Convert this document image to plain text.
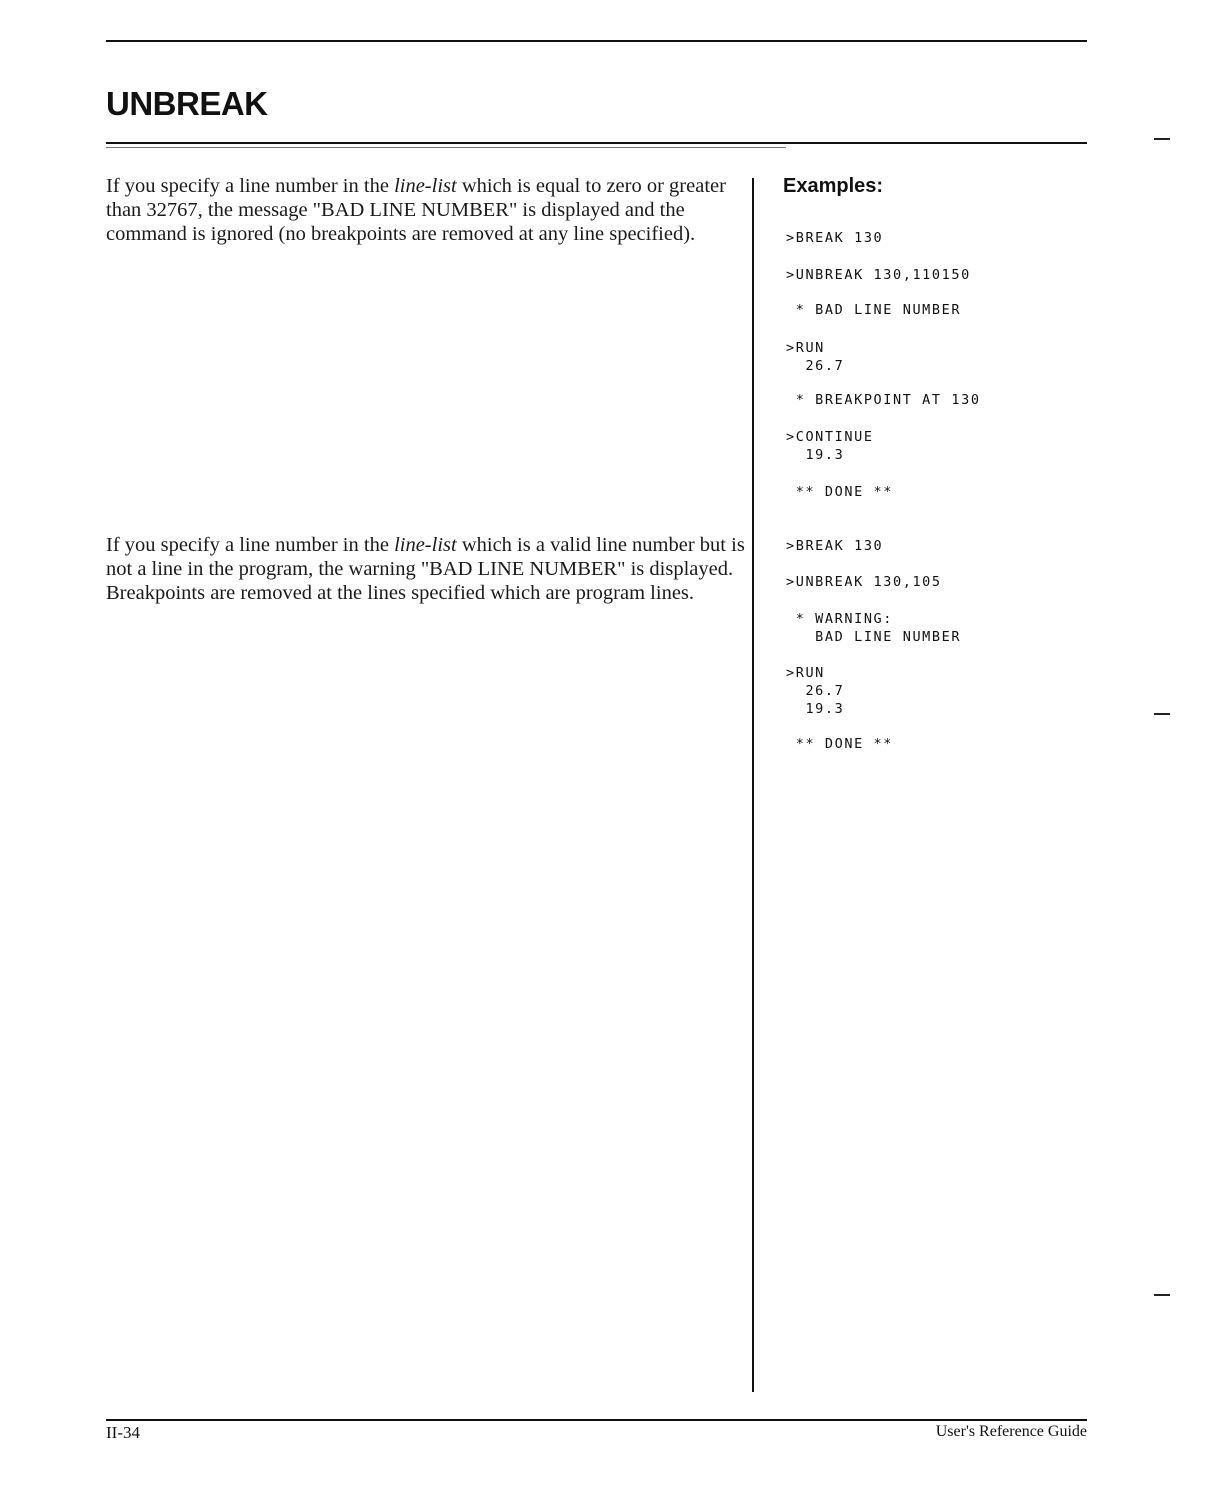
UNBREAK

If you specify a line number in the line-list which is equal to zero or greater than 32767, the message "BAD LINE NUMBER" is displayed and the command is ignored (no breakpoints are removed at any line specified).

If you specify a line number in the line-list which is a valid line number but is not a line in the program, the warning "BAD LINE NUMBER" is displayed. Breakpoints are removed at the lines specified which are program lines.

Examples:
>BREAK 130
>UNBREAK 130,110150
* BAD LINE NUMBER
>RUN
26.7
* BREAKPOINT AT 130
>CONTINUE
19.3
** DONE **
>BREAK 130
>UNBREAK 130,105
* WARNING:
BAD LINE NUMBER
>RUN
26.7
19.3
** DONE **
II-34	User's Reference Guide
